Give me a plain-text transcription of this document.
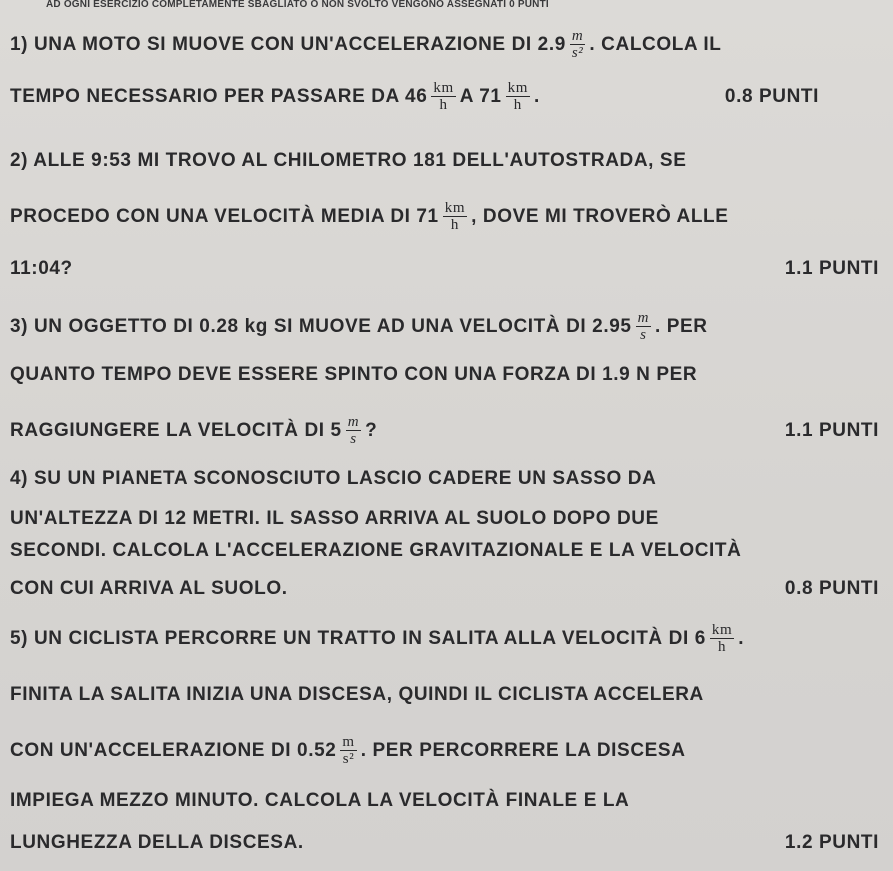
AD OGNI ESERCIZIO COMPLETAMENTE SBAGLIATO O NON SVOLTO VENGONO ASSEGNATI 0 PUNTI
1) UNA MOTO SI MUOVE CON UN'ACCELERAZIONE DI $2.9 \frac{m}{\text{s²}}$ . CALCOLA IL
TEMPO NECESSARIO PER PASSARE DA $46 \frac{km}{h}$ A $71 \frac{km}{h}$ .	0.8 PUNTI
2) ALLE 9:53 MI TROVO AL CHILOMETRO 181 DELL'AUTOSTRADA, SE
PROCEDO CON UNA VELOCITÀ MEDIA DI $71 \frac{km}{h}$ , DOVE MI TROVERÒ ALLE
11:04?	1.1 PUNTI
3) UN OGGETTO DI 0.28 kg SI MUOVE AD UNA VELOCITÀ DI $2.95 \frac{m}{s}$ . PER
QUANTO TEMPO DEVE ESSERE SPINTO CON UNA FORZA DI 1.9 N PER
RAGGIUNGERE LA VELOCITÀ DI $5 \frac{m}{s}$ ?	1.1 PUNTI
4) SU UN PIANETA SCONOSCIUTO LASCIO CADERE UN SASSO DA
UN'ALTEZZA DI 12 METRI. IL SASSO ARRIVA AL SUOLO DOPO DUE
SECONDI. CALCOLA L'ACCELERAZIONE GRAVITAZIONALE E LA VELOCITÀ
CON CUI ARRIVA AL SUOLO.	0.8 PUNTI
5) UN CICLISTA PERCORRE UN TRATTO IN SALITA ALLA VELOCITÀ DI $6 \frac{km}{h}$ .
FINITA LA SALITA INIZIA UNA DISCESA, QUINDI IL CICLISTA ACCELERA
CON UN'ACCELERAZIONE DI $0.52 \frac{m}{\text{s²}}$ . PER PERCORRERE LA DISCESA
IMPIEGA MEZZO MINUTO. CALCOLA LA VELOCITÀ FINALE E LA
LUNGHEZZA DELLA DISCESA.	1.2 PUNTI
